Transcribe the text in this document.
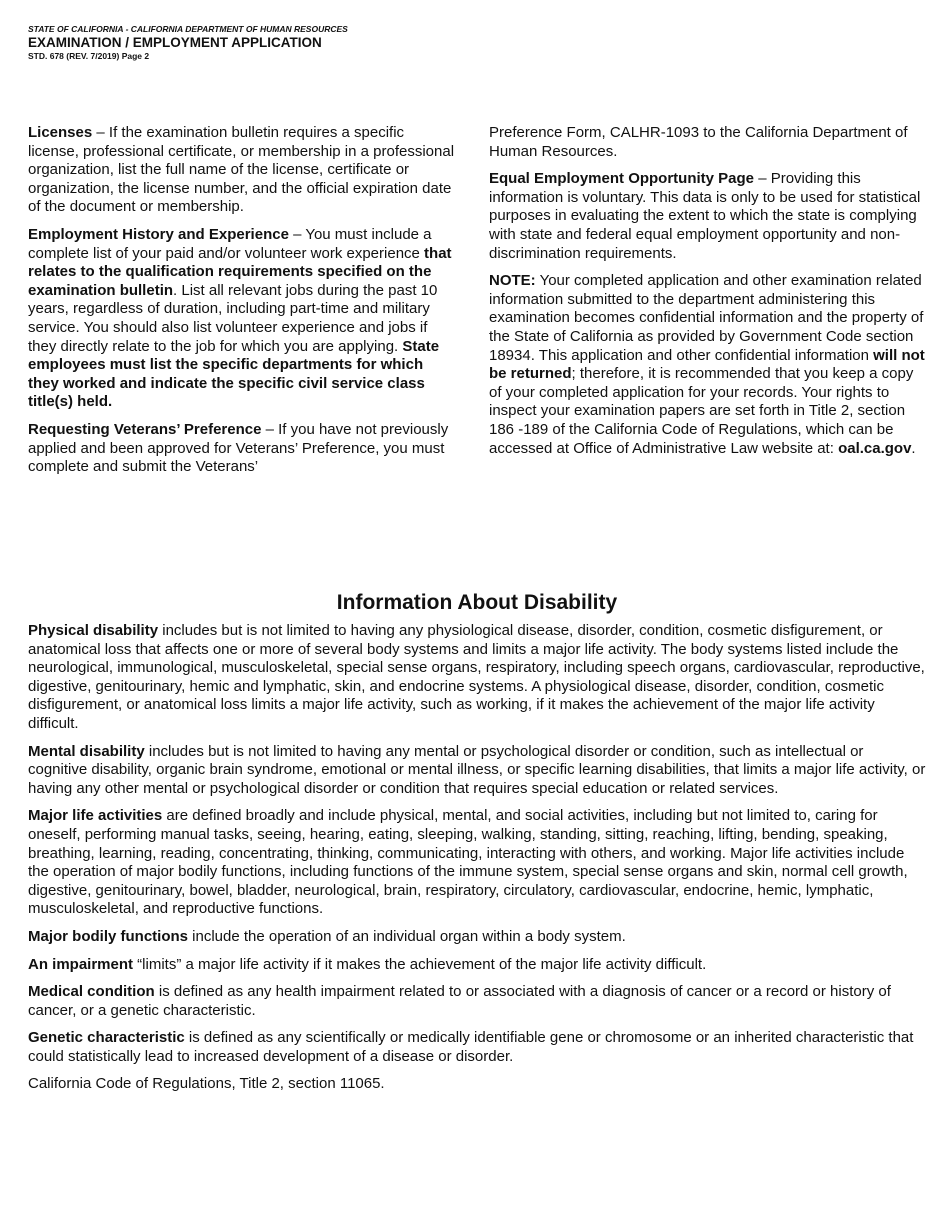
STATE OF CALIFORNIA - CALIFORNIA DEPARTMENT OF HUMAN RESOURCES
EXAMINATION / EMPLOYMENT APPLICATION
STD. 678 (REV. 7/2019) Page 2

Licenses – If the examination bulletin requires a specific license, professional certificate, or membership in a professional organization, list the full name of the license, certificate or organization, the license number, and the official expiration date of the document or membership.

Employment History and Experience – You must include a complete list of your paid and/or volunteer work experience that relates to the qualification requirements specified on the examination bulletin. List all relevant jobs during the past 10 years, regardless of duration, including part-time and military service. You should also list volunteer experience and jobs if they directly relate to the job for which you are applying. State employees must list the specific departments for which they worked and indicate the specific civil service class title(s) held.

Requesting Veterans’ Preference – If you have not previously applied and been approved for Veterans’ Preference, you must complete and submit the Veterans’

Preference Form, CALHR-1093 to the California Department of Human Resources.

Equal Employment Opportunity Page – Providing this information is voluntary. This data is only to be used for statistical purposes in evaluating the extent to which the state is complying with state and federal equal employment opportunity and non-discrimination requirements.

NOTE: Your completed application and other examination related information submitted to the department administering this examination becomes confidential information and the property of the State of California as provided by Government Code section 18934. This application and other confidential information will not be returned; therefore, it is recommended that you keep a copy of your completed application for your records. Your rights to inspect your examination papers are set forth in Title 2, section 186 -189 of the California Code of Regulations, which can be accessed at Office of Administrative Law website at: oal.ca.gov.

Information About Disability

Physical disability includes but is not limited to having any physiological disease, disorder, condition, cosmetic disfigurement, or anatomical loss that affects one or more of several body systems and limits a major life activity. The body systems listed include the neurological, immunological, musculoskeletal, special sense organs, respiratory, including speech organs, cardiovascular, reproductive, digestive, genitourinary, hemic and lymphatic, skin, and endocrine systems. A physiological disease, disorder, condition, cosmetic disfigurement, or anatomical loss limits a major life activity, such as working, if it makes the achievement of the major life activity difficult.

Mental disability includes but is not limited to having any mental or psychological disorder or condition, such as intellectual or cognitive disability, organic brain syndrome, emotional or mental illness, or specific learning disabilities, that limits a major life activity, or having any other mental or psychological disorder or condition that requires special education or related services.

Major life activities are defined broadly and include physical, mental, and social activities, including but not limited to, caring for oneself, performing manual tasks, seeing, hearing, eating, sleeping, walking, standing, sitting, reaching, lifting, bending, speaking, breathing, learning, reading, concentrating, thinking, communicating, interacting with others, and working. Major life activities include the operation of major bodily functions, including functions of the immune system, special sense organs and skin, normal cell growth, digestive, genitourinary, bowel, bladder, neurological, brain, respiratory, circulatory, cardiovascular, endocrine, hemic, lymphatic, musculoskeletal, and reproductive functions.

Major bodily functions include the operation of an individual organ within a body system.

An impairment “limits” a major life activity if it makes the achievement of the major life activity difficult.

Medical condition is defined as any health impairment related to or associated with a diagnosis of cancer or a record or history of cancer, or a genetic characteristic.

Genetic characteristic is defined as any scientifically or medically identifiable gene or chromosome or an inherited characteristic that could statistically lead to increased development of a disease or disorder.

California Code of Regulations, Title 2, section 11065.
